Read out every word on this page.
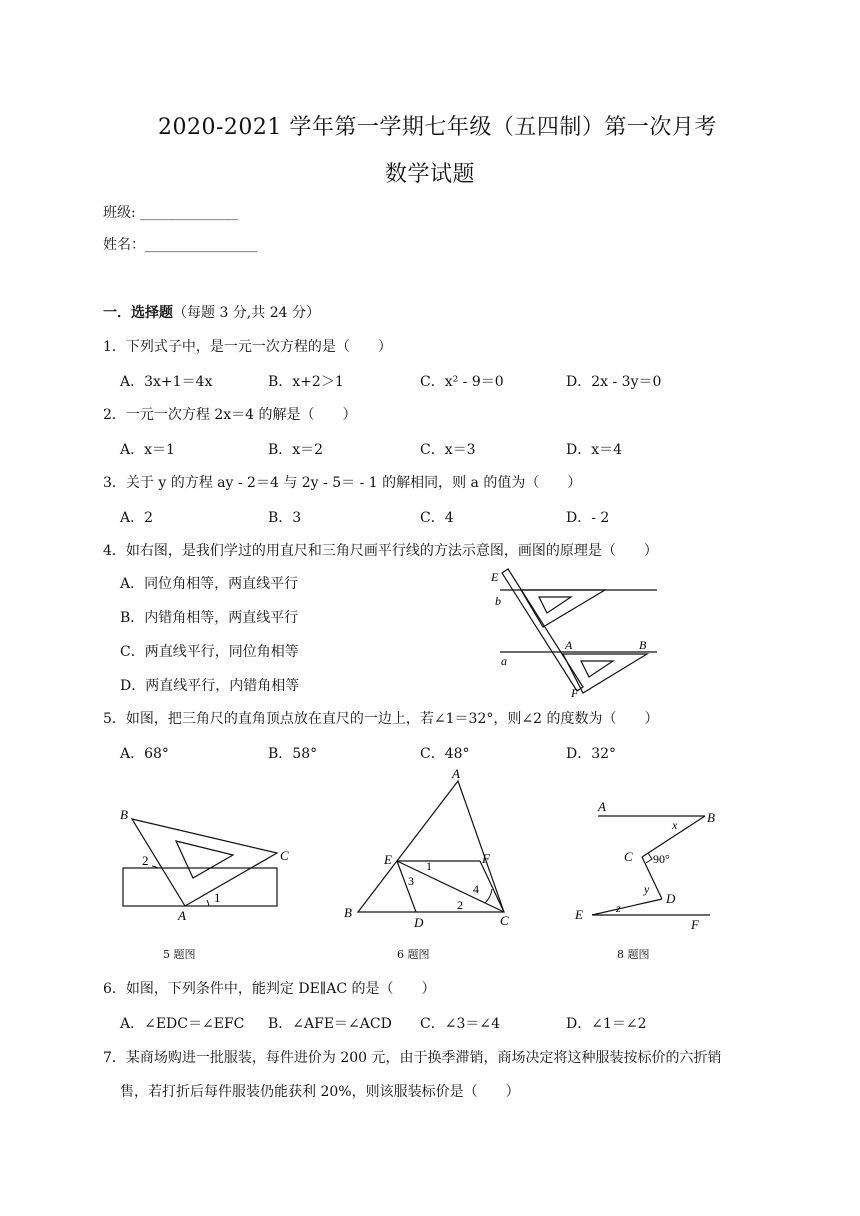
2020-2021 学年第一学期七年级（五四制）第一次月考
数学试题
班级: ______________
姓名：________________
一．选择题（每题 3 分,共 24 分）
1．下列式子中，是一元一次方程的是（　　）
A．3x+1＝4x	B．x+2＞1	C．x² - 9＝0	D．2x - 3y＝0
2．一元一次方程 2x＝4 的解是（　　）
A．x＝1	B．x＝2	C．x＝3	D．x＝4
3．关于 y 的方程 ay - 2＝4 与 2y - 5＝ - 1 的解相同，则 a 的值为（　　）
A．2	B．3	C．4	D．- 2
4．如右图，是我们学过的用直尺和三角尺画平行线的方法示意图，画图的原理是（　　）
A．同位角相等，两直线平行
B．内错角相等，两直线平行
C．两直线平行，同位角相等
D．两直线平行，内错角相等
E
b
A	B
a
F
5．如图，把三角尺的直角顶点放在直尺的一边上，若∠1＝32°，则∠2 的度数为（　　）
A．68°	B．58°	C．48°	D．32°
B
C
2
1
A
5 题图
A
E	F
1
3
4
2
B
D	C
6 题图
A
B
x
C 90°
y
D
E	z
F
8 题图
6．如图，下列条件中，能判定 DE∥AC 的是（　　）
A．∠EDC＝∠EFC B．∠AFE＝∠ACD C．∠3＝∠4	D．∠1＝∠2
7．某商场购进一批服装，每件进价为 200 元，由于换季滞销，商场决定将这种服装按标价的六折销
售，若打折后每件服装仍能获利 20%，则该服装标价是（　　）
